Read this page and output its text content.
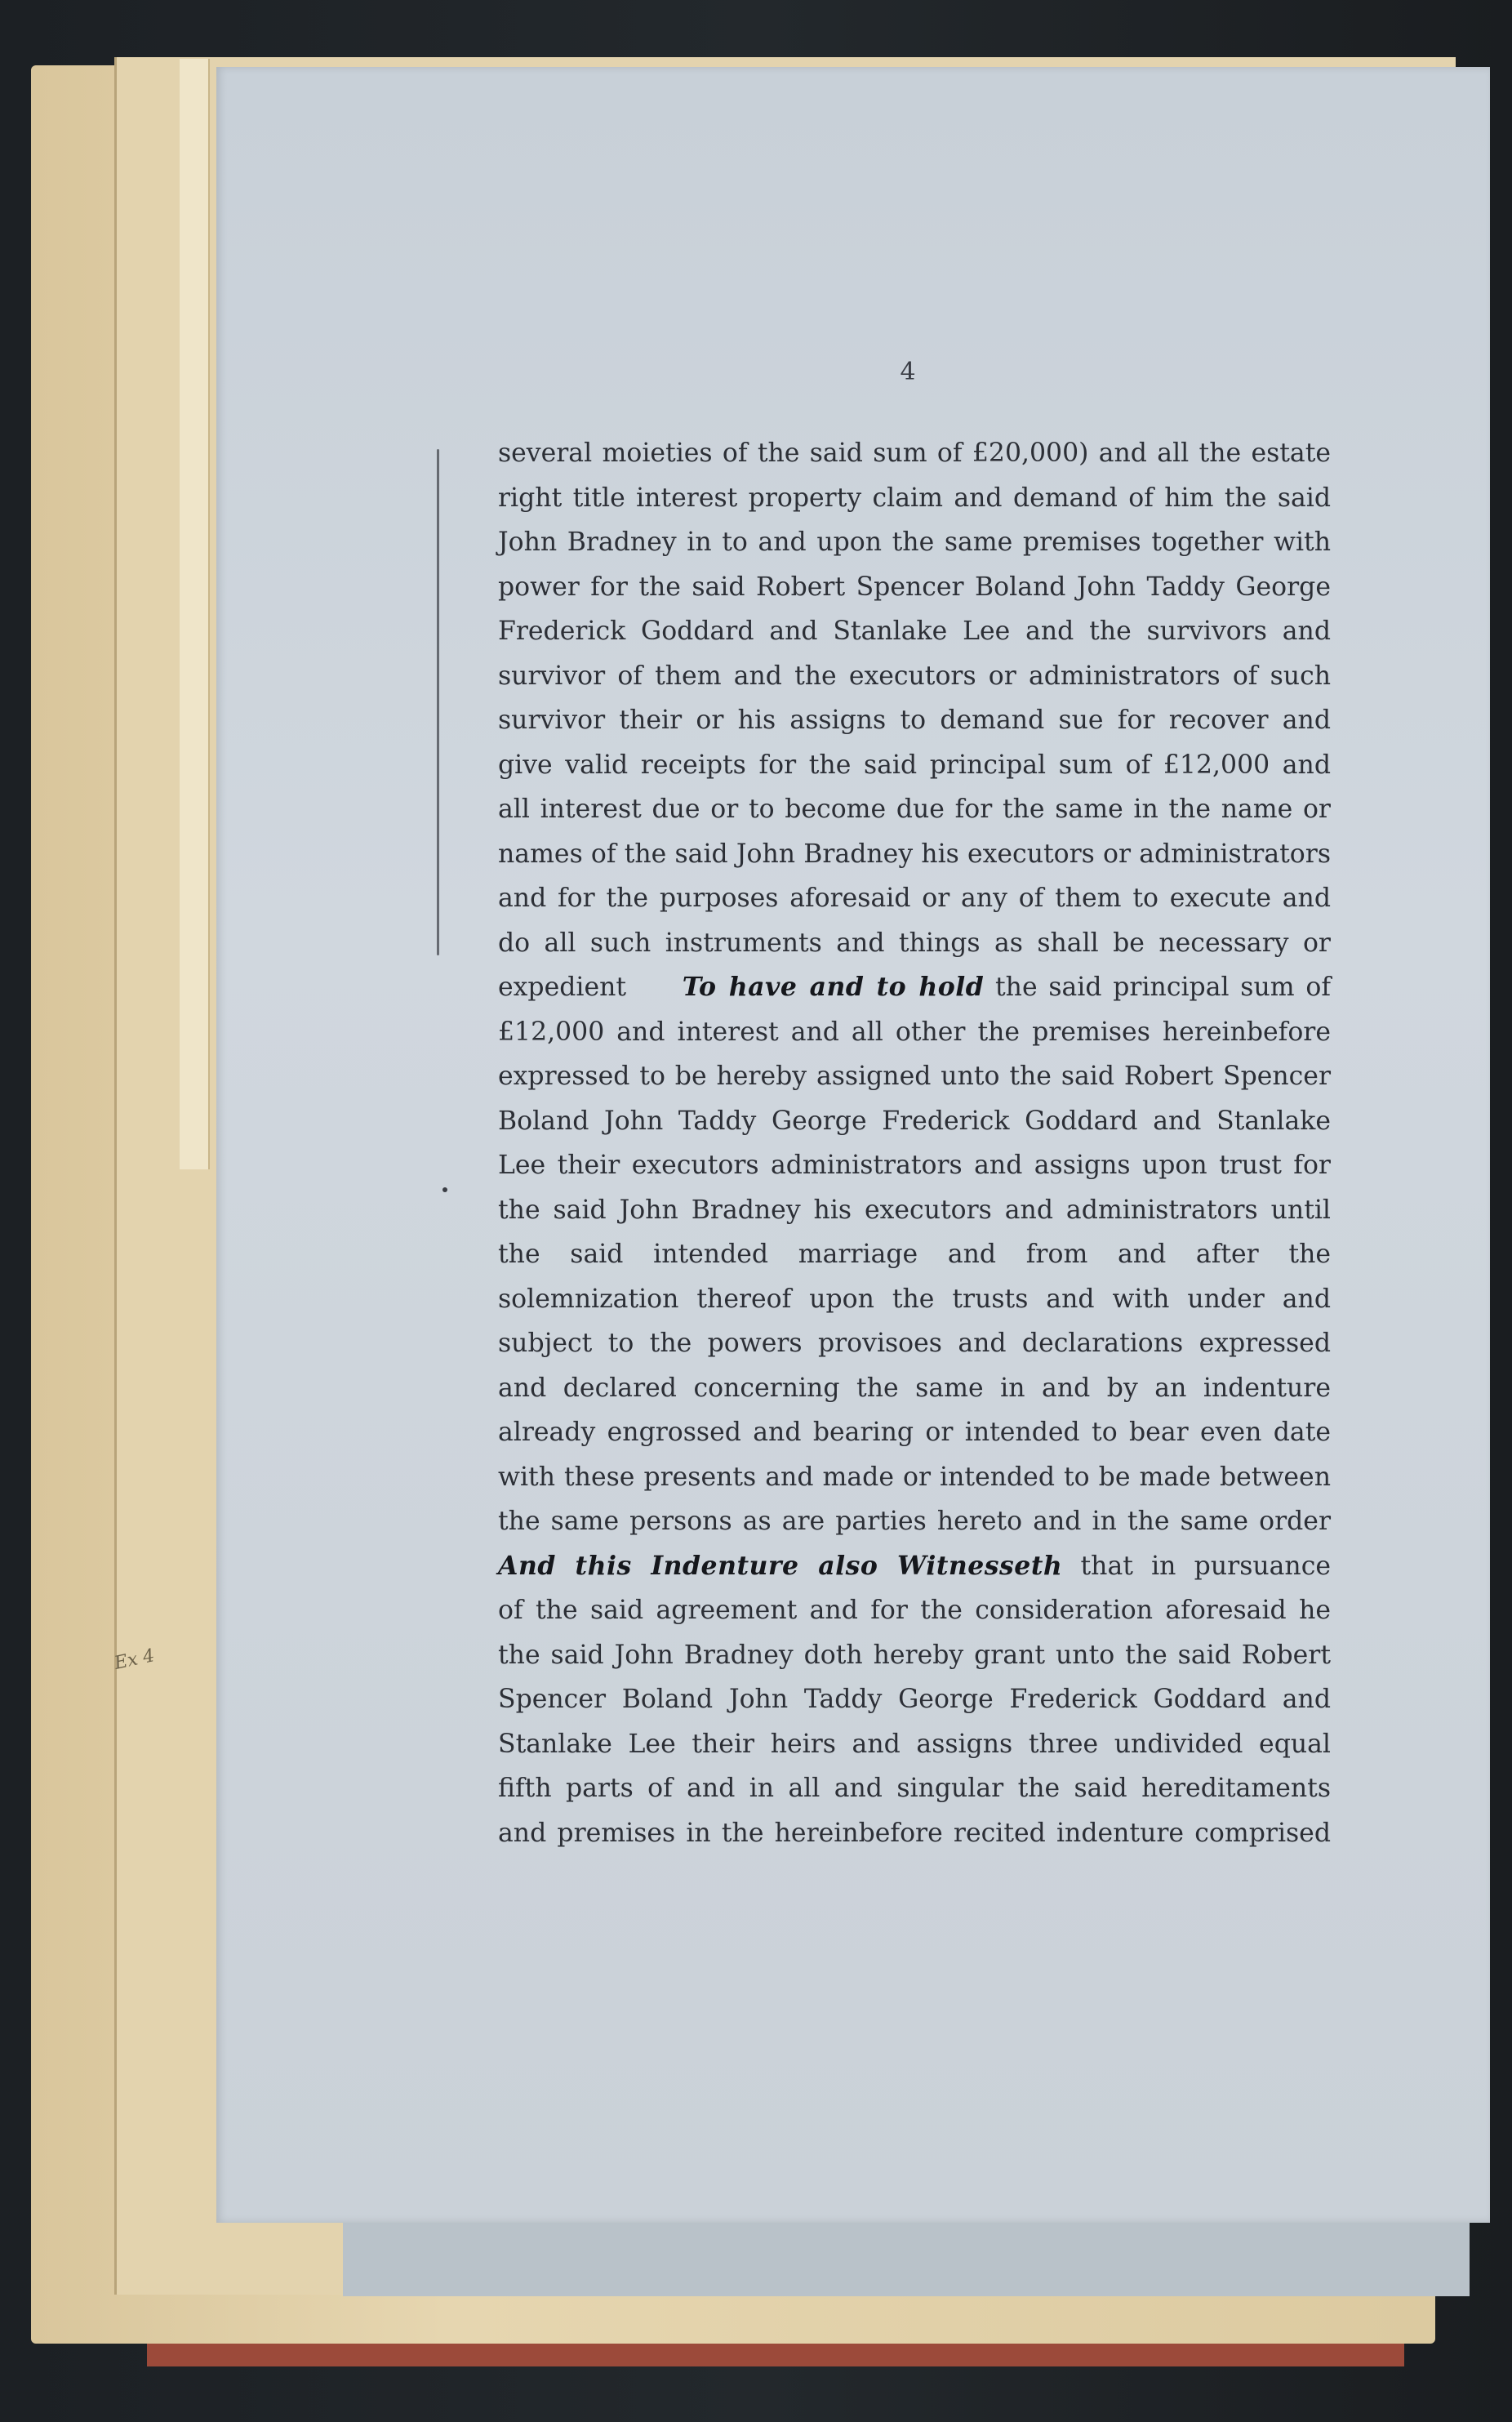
Ex 4
4
several moieties of the said sum of £20,000) and all the estate
right title interest property claim and demand of him the said
John Bradney in to and upon the same premises together with
power for the said Robert Spencer Boland John Taddy George
Frederick Goddard and Stanlake Lee and the survivors and
survivor of them and the executors or administrators of such
survivor their or his assigns to demand sue for recover and
give valid receipts for the said principal sum of £12,000 and
all interest due or to become due for the same in the name or
names of the said John Bradney his executors or administrators
and for the purposes aforesaid or any of them to execute and
do all such instruments and things as shall be necessary or
expedient To have and to hold the said principal sum of
£12,000 and interest and all other the premises hereinbefore
expressed to be hereby assigned unto the said Robert Spencer
Boland John Taddy George Frederick Goddard and Stanlake
Lee their executors administrators and assigns upon trust for
the said John Bradney his executors and administrators until
the said intended marriage and from and after the
solemnization thereof upon the trusts and with under and
subject to the powers provisoes and declarations expressed
and declared concerning the same in and by an indenture
already engrossed and bearing or intended to bear even date
with these presents and made or intended to be made between
the same persons as are parties hereto and in the same order
And this Indenture also Witnesseth that in pursuance
of the said agreement and for the consideration aforesaid he
the said John Bradney doth hereby grant unto the said Robert
Spencer Boland John Taddy George Frederick Goddard and
Stanlake Lee their heirs and assigns three undivided equal
fifth parts of and in all and singular the said hereditaments
and premises in the hereinbefore recited indenture comprised
